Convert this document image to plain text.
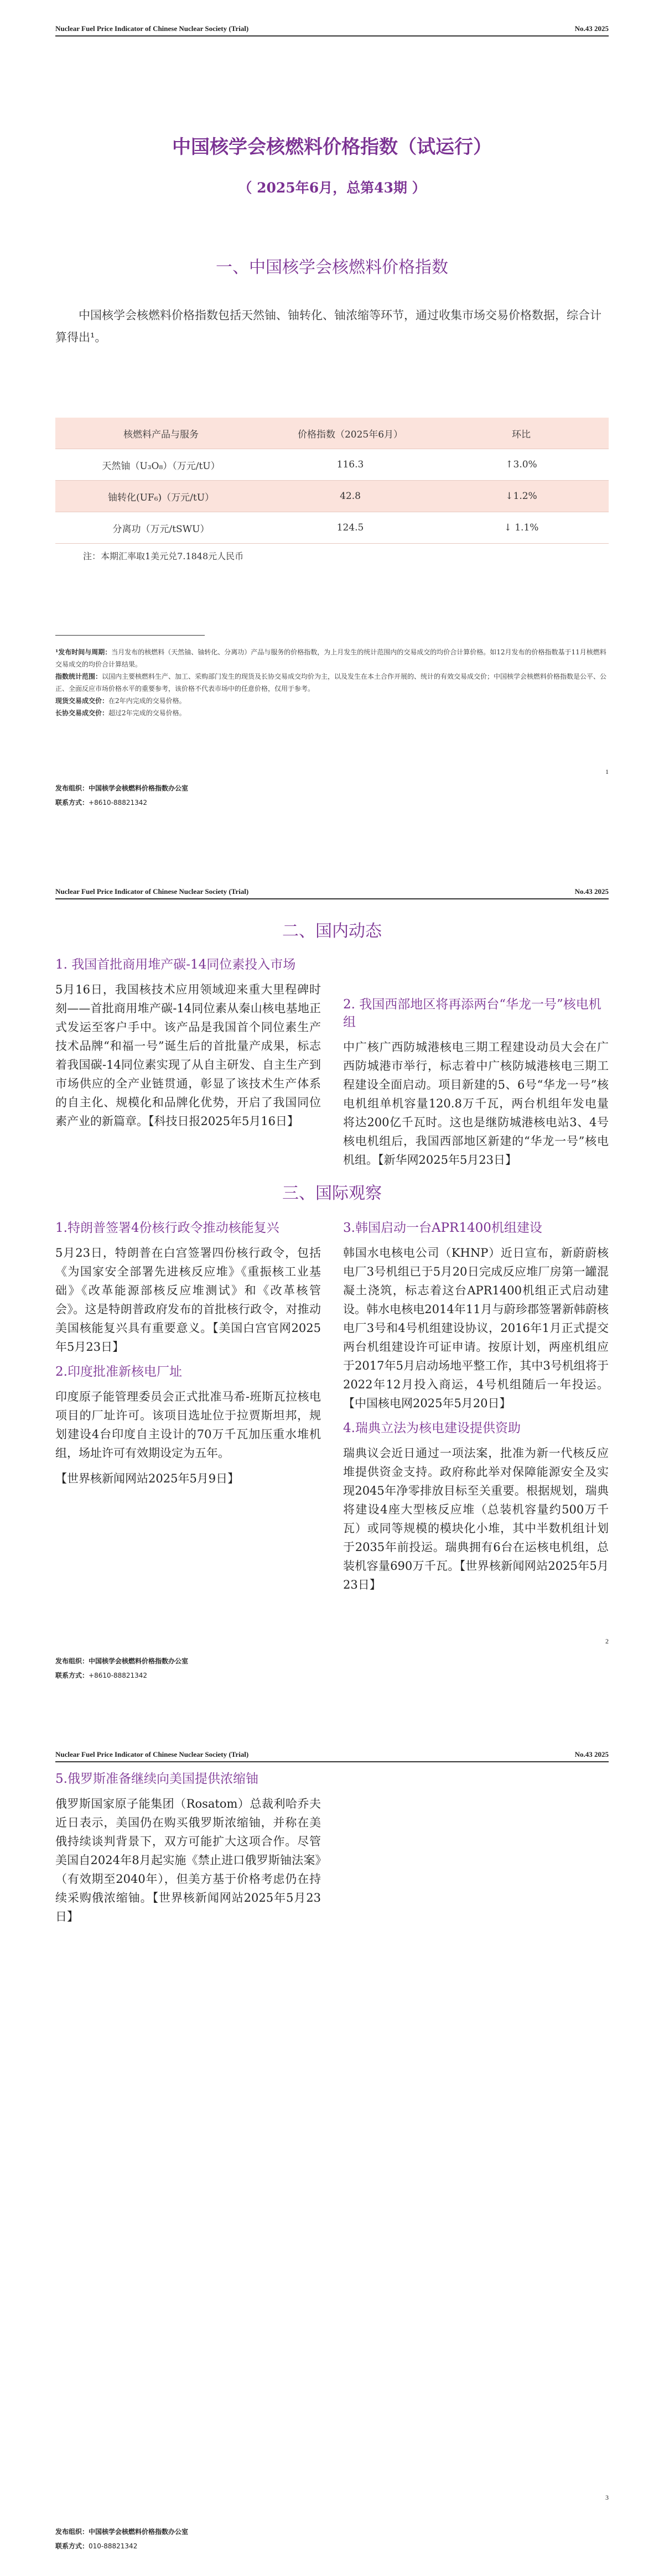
Nuclear Fuel Price Indicator of Chinese Nuclear Society (Trial)	No.43 2025
中国核学会核燃料价格指数（试运行）
（ 2025年6月，总第43期 ）
一、中国核学会核燃料价格指数
中国核学会核燃料价格指数包括天然铀、铀转化、铀浓缩等环节，通过收集市场交易价格数据，综合计算得出¹。
核燃料产品与服务	价格指数（2025年6月）	环比
天然铀（U₃O₈）（万元/tU）	116.3	↑3.0%
铀转化(UF₆)（万元/tU）	42.8	↓1.2%
分离功（万元/tSWU）	124.5	↓ 1.1%
注：本期汇率取1美元兑7.1848元人民币
¹发布时间与周期：当月发布的核燃料（天然铀、铀转化、分离功）产品与服务的价格指数，为上月发生的统计范围内的交易成交的均价合计算价格。如12月发布的价格指数基于11月核燃料交易成交的均价合计算结果。
指数统计范围：以国内主要核燃料生产、加工、采购部门发生的现货及长协交易成交均价为主，以及发生在本土合作开展的、统计的有效交易成交价；中国核学会核燃料价格指数是公平、公正、全面反应市场价格水平的重要参考，该价格不代表市场中的任意价格，仅用于参考。
现货交易成交价：在2年内完成的交易价格。
长协交易成交价：超过2年完成的交易价格。
1
发布组织：中国核学会核燃料价格指数办公室
联系方式：+8610-88821342
Nuclear Fuel Price Indicator of Chinese Nuclear Society (Trial)	No.43 2025
二、国内动态
1. 我国首批商用堆产碳-14同位素投入市场
5月16日，我国核技术应用领域迎来重大里程碑时刻——首批商用堆产碳-14同位素从秦山核电基地正式发运至客户手中。该产品是我国首个同位素生产技术品牌“和福一号”诞生后的首批量产成果，标志着我国碳-14同位素实现了从自主研发、自主生产到市场供应的全产业链贯通，彰显了该技术生产体系的自主化、规模化和品牌化优势，开启了我国同位素产业的新篇章。【科技日报2025年5月16日】
2. 我国西部地区将再添两台“华龙一号”核电机组
中广核广西防城港核电三期工程建设动员大会在广西防城港市举行，标志着中广核防城港核电三期工程建设全面启动。项目新建的5、6号“华龙一号”核电机组单机容量120.8万千瓦，两台机组年发电量将达200亿千瓦时。这也是继防城港核电站3、4号核电机组后，我国西部地区新建的“华龙一号”核电机组。【新华网2025年5月23日】
三、国际观察
1.特朗普签署4份核行政令推动核能复兴
5月23日，特朗普在白宫签署四份核行政令，包括《为国家安全部署先进核反应堆》《重振核工业基础》《改革能源部核反应堆测试》和《改革核管会》。这是特朗普政府发布的首批核行政令，对推动美国核能复兴具有重要意义。【美国白宫官网2025年5月23日】
2.印度批准新核电厂址
印度原子能管理委员会正式批准马希-班斯瓦拉核电项目的厂址许可。该项目选址位于拉贾斯坦邦，规划建设4台印度自主设计的70万千瓦加压重水堆机组，场址许可有效期设定为五年。
【世界核新闻网站2025年5月9日】
3.韩国启动一台APR1400机组建设
韩国水电核电公司（KHNP）近日宣布，新蔚蔚核电厂3号机组已于5月20日完成反应堆厂房第一罐混凝土浇筑，标志着这台APR1400机组正式启动建设。韩水电核电2014年11月与蔚珍郡签署新韩蔚核电厂3号和4号机组建设协议，2016年1月正式提交两台机组建设许可证申请。按原计划，两座机组应于2017年5月启动场地平整工作，其中3号机组将于2022年12月投入商运，4号机组随后一年投运。【中国核电网2025年5月20日】
4.瑞典立法为核电建设提供资助
瑞典议会近日通过一项法案，批准为新一代核反应堆提供资金支持。政府称此举对保障能源安全及实现2045年净零排放目标至关重要。根据规划，瑞典将建设4座大型核反应堆（总装机容量约500万千瓦）或同等规模的模块化小堆，其中半数机组计划于2035年前投运。瑞典拥有6台在运核电机组，总装机容量690万千瓦。【世界核新闻网站2025年5月23日】
2
发布组织：中国核学会核燃料价格指数办公室
联系方式：+8610-88821342
Nuclear Fuel Price Indicator of Chinese Nuclear Society (Trial)	No.43 2025
5.俄罗斯准备继续向美国提供浓缩铀
俄罗斯国家原子能集团（Rosatom）总裁利哈乔夫近日表示，美国仍在购买俄罗斯浓缩铀，并称在美俄持续谈判背景下，双方可能扩大这项合作。尽管美国自2024年8月起实施《禁止进口俄罗斯铀法案》（有效期至2040年），但美方基于价格考虑仍在持续采购俄浓缩铀。【世界核新闻网站2025年5月23日】
3
发布组织：中国核学会核燃料价格指数办公室
联系方式：010-88821342
